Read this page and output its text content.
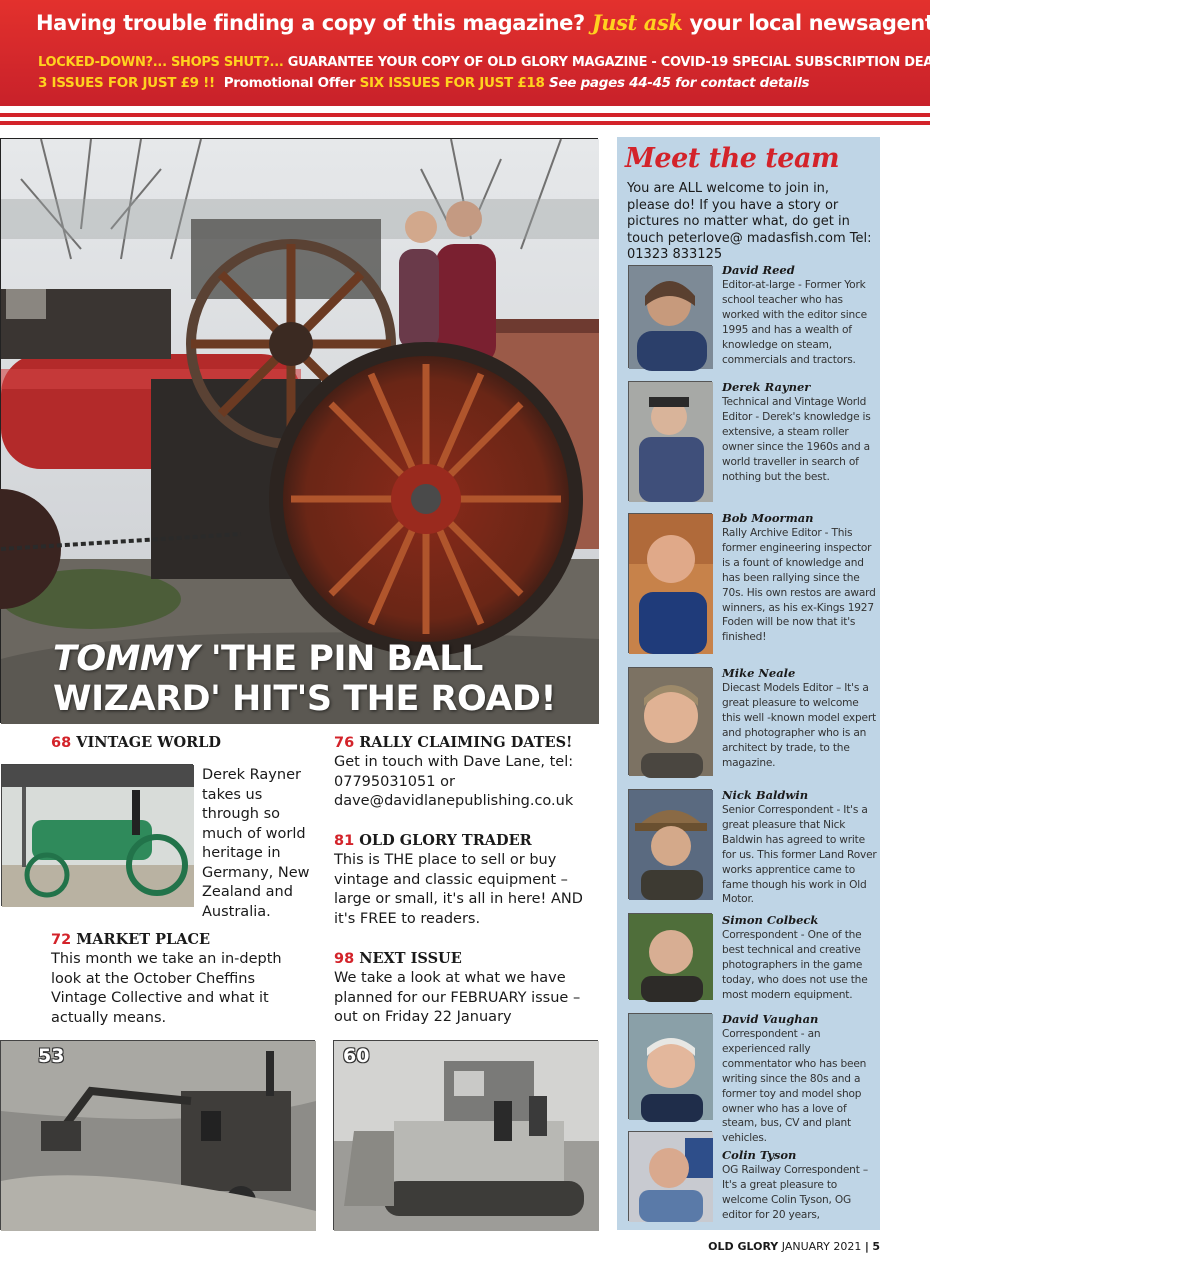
Having trouble finding a copy of this magazine? Just ask your local newsagent or tel: 01959 541444
LOCKED-DOWN?... SHOPS SHUT?... GUARANTEE YOUR COPY OF OLD GLORY MAGAZINE - COVID-19 SPECIAL SUBSCRIPTION DEAL
3 ISSUES FOR JUST £9 !! Promotional Offer SIX ISSUES FOR JUST £18 See pages 44-45 for contact details
TOMMY 'THE PIN BALL
WIZARD' HIT'S THE ROAD!
68 VINTAGE WORLD
Derek Rayner takes us through so much of world heritage in Germany, New Zealand and Australia.
76 RALLY CLAIMING DATES!
Get in touch with Dave Lane, tel: 07795031051 or dave@davidlanepublishing.co.uk
81 OLD GLORY TRADER
This is THE place to sell or buy vintage and classic equipment – large or small, it's all in here! AND it's FREE to readers.
72 MARKET PLACE
This month we take an in-depth look at the October Cheffins Vintage Collective and what it actually means.
98 NEXT ISSUE
We take a look at what we have planned for our FEBRUARY issue – out on Friday 22 January
53	60
Meet the team
You are ALL welcome to join in, please do! If you have a story or pictures no matter what, do get in touch peterlove@ madasfish.com Tel: 01323 833125
David Reed
Editor-at-large - Former York school teacher who has worked with the editor since 1995 and has a wealth of knowledge on steam, commercials and tractors.
Derek Rayner
Technical and Vintage World Editor - Derek's knowledge is extensive, a steam roller owner since the 1960s and a world traveller in search of nothing but the best.
Bob Moorman
Rally Archive Editor - This former engineering inspector is a fount of knowledge and has been rallying since the 70s. His own restos are award winners, as his ex-Kings 1927 Foden will be now that it's finished!
Mike Neale
Diecast Models Editor – It's a great pleasure to welcome this well -known model expert and photographer who is an architect by trade, to the magazine.
Nick Baldwin
Senior Correspondent - It's a great pleasure that Nick Baldwin has agreed to write for us. This former Land Rover works apprentice came to fame though his work in Old Motor.
Simon Colbeck
Correspondent - One of the best technical and creative photographers in the game today, who does not use the most modern equipment.
David Vaughan
Correspondent - an experienced rally commentator who has been writing since the 80s and a former toy and model shop owner who has a love of steam, bus, CV and plant vehicles.
Colin Tyson
OG Railway Correspondent – It's a great pleasure to welcome Colin Tyson, OG editor for 20 years,
OLD GLORY JANUARY 2021 | 5
